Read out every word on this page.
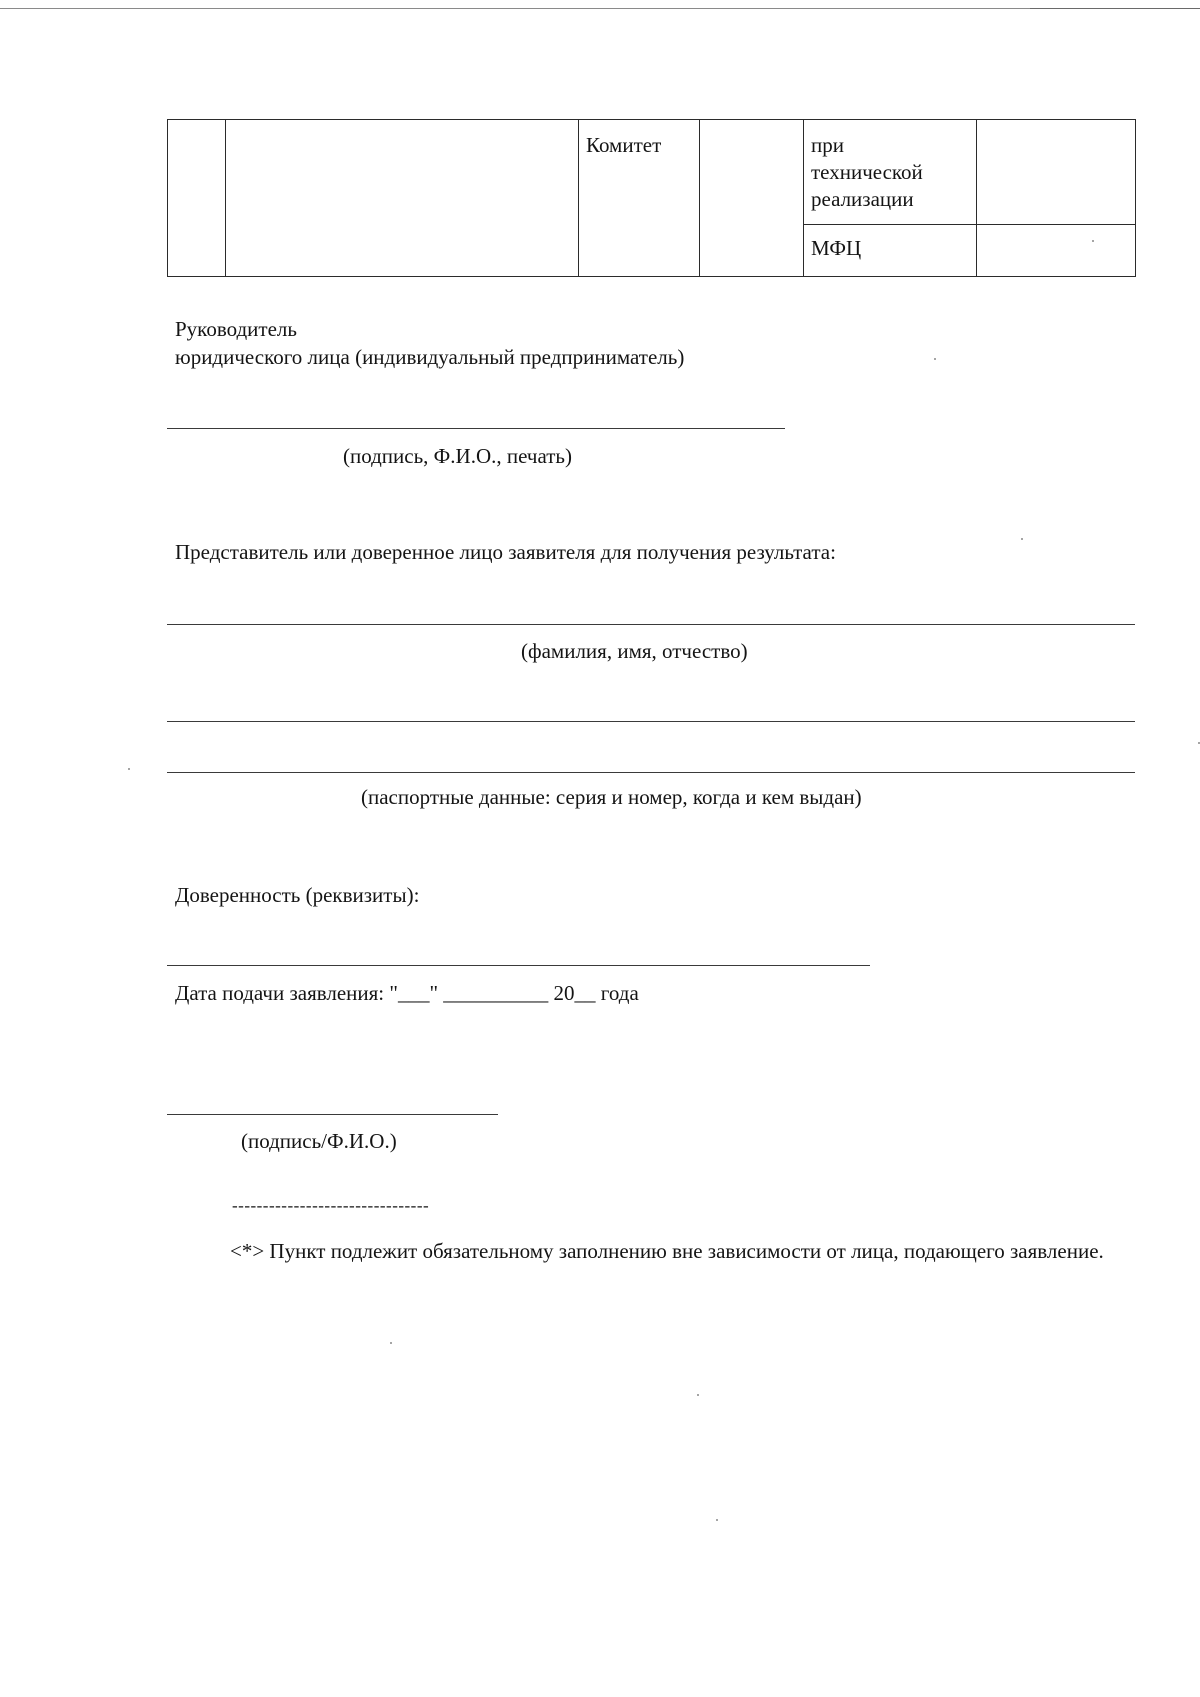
		Комитет		при технической реализации	

				МФЦ	

Руководитель
юридического лица (индивидуальный предприниматель)
(подпись, Ф.И.О., печать)
Представитель или доверенное лицо заявителя для получения результата:
(фамилия, имя, отчество)
(паспортные данные: серия и номер, когда и кем выдан)
Доверенность (реквизиты):
Дата подачи заявления: "___" __________ 20__ года
(подпись/Ф.И.О.)
--------------------------------
<*> Пункт подлежит обязательному заполнению вне зависимости от лица, подающего заявление.
